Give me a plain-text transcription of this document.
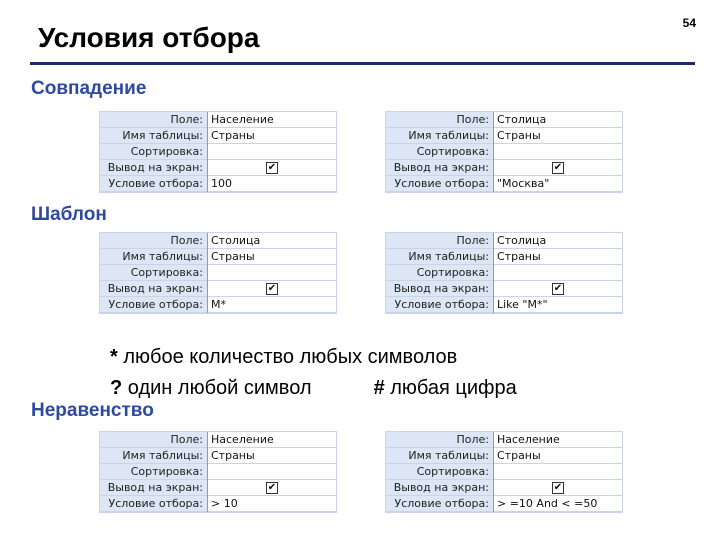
Условия отбора	54
Совпадение
Поле:
Имя таблицы:
Сортировка:
Вывод на экран:
Условие отбора:
Население
Страны
✔
100
Поле:
Имя таблицы:
Сортировка:
Вывод на экран:
Условие отбора:
Столица
Страны
✔
"Москва"
Шаблон
Поле:
Имя таблицы:
Сортировка:
Вывод на экран:
Условие отбора:
Столица
Страны
✔
M*
Поле:
Имя таблицы:
Сортировка:
Вывод на экран:
Условие отбора:
Столица
Страны
✔
Like "M*"
* любое количество любых символов
? один любой символ	# любая цифра
Неравенство
Поле:
Имя таблицы:
Сортировка:
Вывод на экран:
Условие отбора:
Население
Страны
✔
> 10
Поле:
Имя таблицы:
Сортировка:
Вывод на экран:
Условие отбора:
Население
Страны
✔
> =10 And < =50
